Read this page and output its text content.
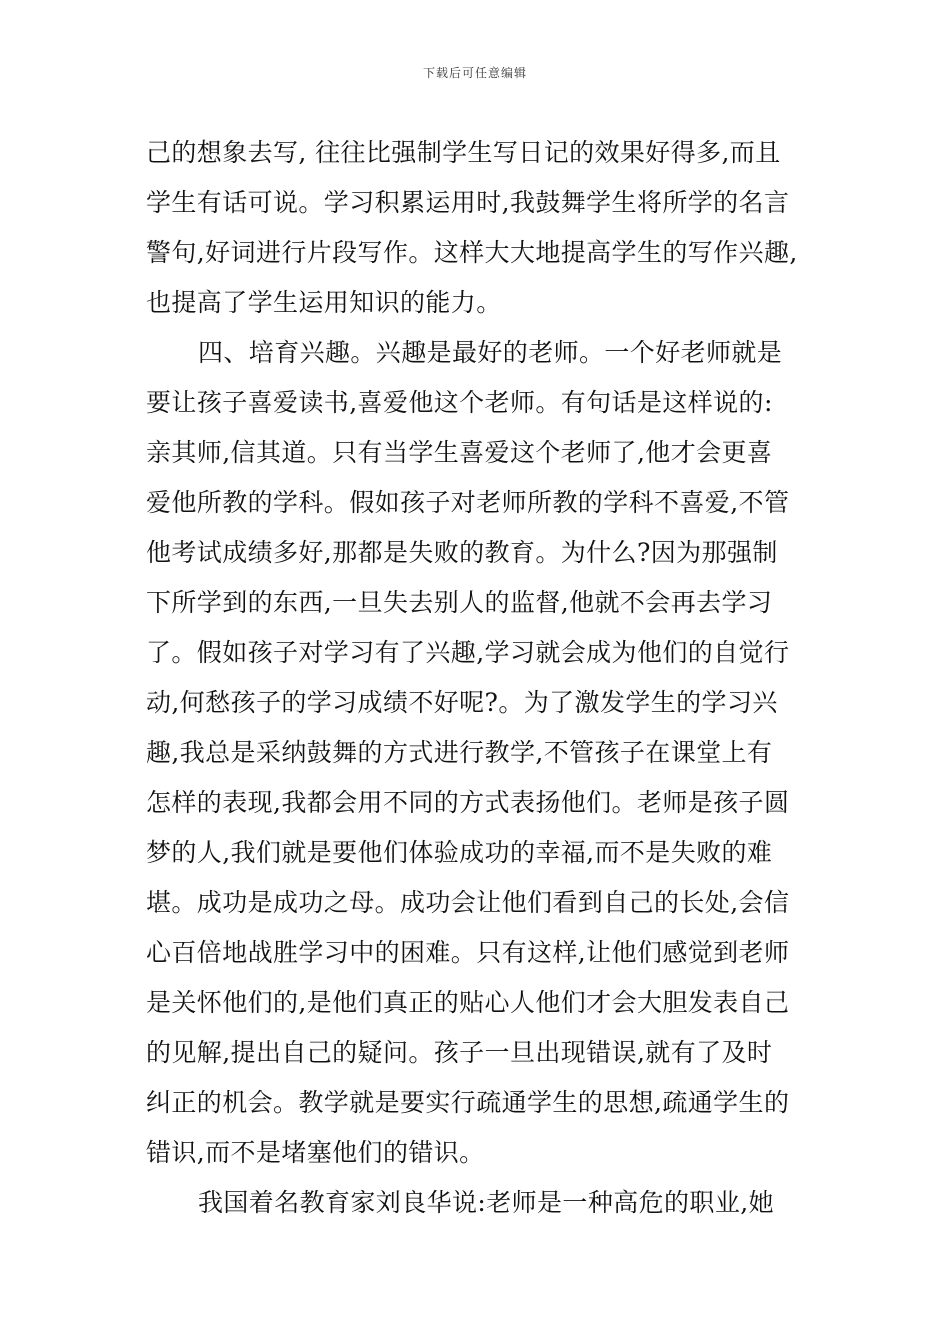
下载后可任意编辑
己的想象去写, 往往比强制学生写日记的效果好得多,而且
学生有话可说。学习积累运用时,我鼓舞学生将所学的名言
警句,好词进行片段写作。这样大大地提高学生的写作兴趣,
也提高了学生运用知识的能力。
四、培育兴趣。兴趣是最好的老师。一个好老师就是
要让孩子喜爱读书,喜爱他这个老师。有句话是这样说的:
亲其师,信其道。只有当学生喜爱这个老师了,他才会更喜
爱他所教的学科。假如孩子对老师所教的学科不喜爱,不管
他考试成绩多好,那都是失败的教育。为什么?因为那强制
下所学到的东西,一旦失去别人的监督,他就不会再去学习
了。假如孩子对学习有了兴趣,学习就会成为他们的自觉行
动,何愁孩子的学习成绩不好呢?。为了激发学生的学习兴
趣,我总是采纳鼓舞的方式进行教学,不管孩子在课堂上有
怎样的表现,我都会用不同的方式表扬他们。老师是孩子圆
梦的人,我们就是要他们体验成功的幸福,而不是失败的难
堪。成功是成功之母。成功会让他们看到自己的长处,会信
心百倍地战胜学习中的困难。只有这样,让他们感觉到老师
是关怀他们的,是他们真正的贴心人他们才会大胆发表自己
的见解,提出自己的疑问。孩子一旦出现错误,就有了及时
纠正的机会。教学就是要实行疏通学生的思想,疏通学生的
错识,而不是堵塞他们的错识。
我国着名教育家刘良华说:老师是一种高危的职业,她
